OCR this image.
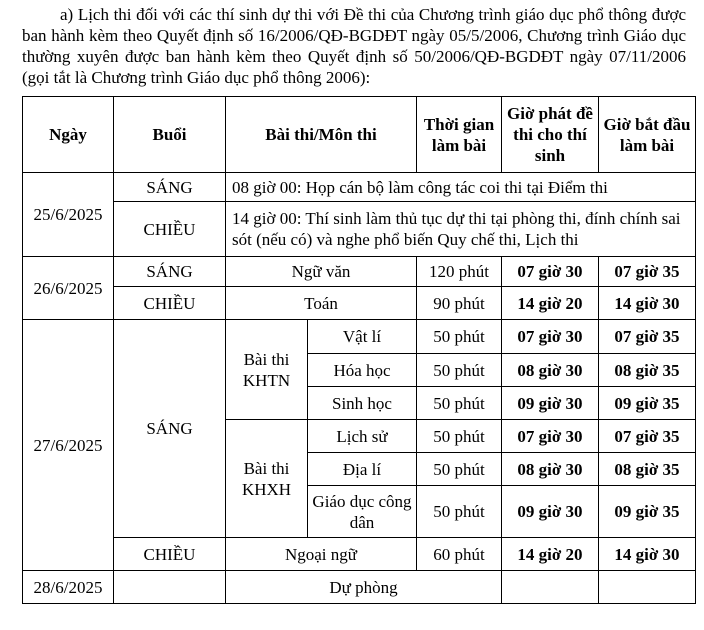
a) Lịch thi đối với các thí sinh dự thi với Đề thi của Chương trình giáo dục phổ thông được ban hành kèm theo Quyết định số 16/2006/QĐ-BGDĐT ngày 05/5/2006, Chương trình Giáo dục thường xuyên được ban hành kèm theo Quyết định số 50/2006/QĐ-BGDĐT ngày 07/11/2006 (gọi tắt là Chương trình Giáo dục phổ thông 2006):

Ngày	Buổi	Bài thi/Môn thi		Thời gian làm bài	Giờ phát đề thi cho thí sinh	Giờ bắt đầu làm bài
25/6/2025	SÁNG	08 giờ 00: Họp cán bộ làm công tác coi thi tại Điểm thi				
	CHIỀU	14 giờ 00: Thí sinh làm thủ tục dự thi tại phòng thi, đính chính sai sót (nếu có) và nghe phổ biến Quy chế thi, Lịch thi				
26/6/2025	SÁNG	Ngữ văn		120 phút	07 giờ 30	07 giờ 35
	CHIỀU	Toán		90 phút	14 giờ 20	14 giờ 30
27/6/2025	SÁNG	Bài thi KHTN	Vật lí	50 phút	07 giờ 30	07 giờ 35
			Hóa học	50 phút	08 giờ 30	08 giờ 35
			Sinh học	50 phút	09 giờ 30	09 giờ 35
		Bài thi KHXH	Lịch sử	50 phút	07 giờ 30	07 giờ 35
			Địa lí	50 phút	08 giờ 30	08 giờ 35
			Giáo dục công dân	50 phút	09 giờ 30	09 giờ 35
	CHIỀU	Ngoại ngữ		60 phút	14 giờ 20	14 giờ 30
28/6/2025		Dự phòng				
